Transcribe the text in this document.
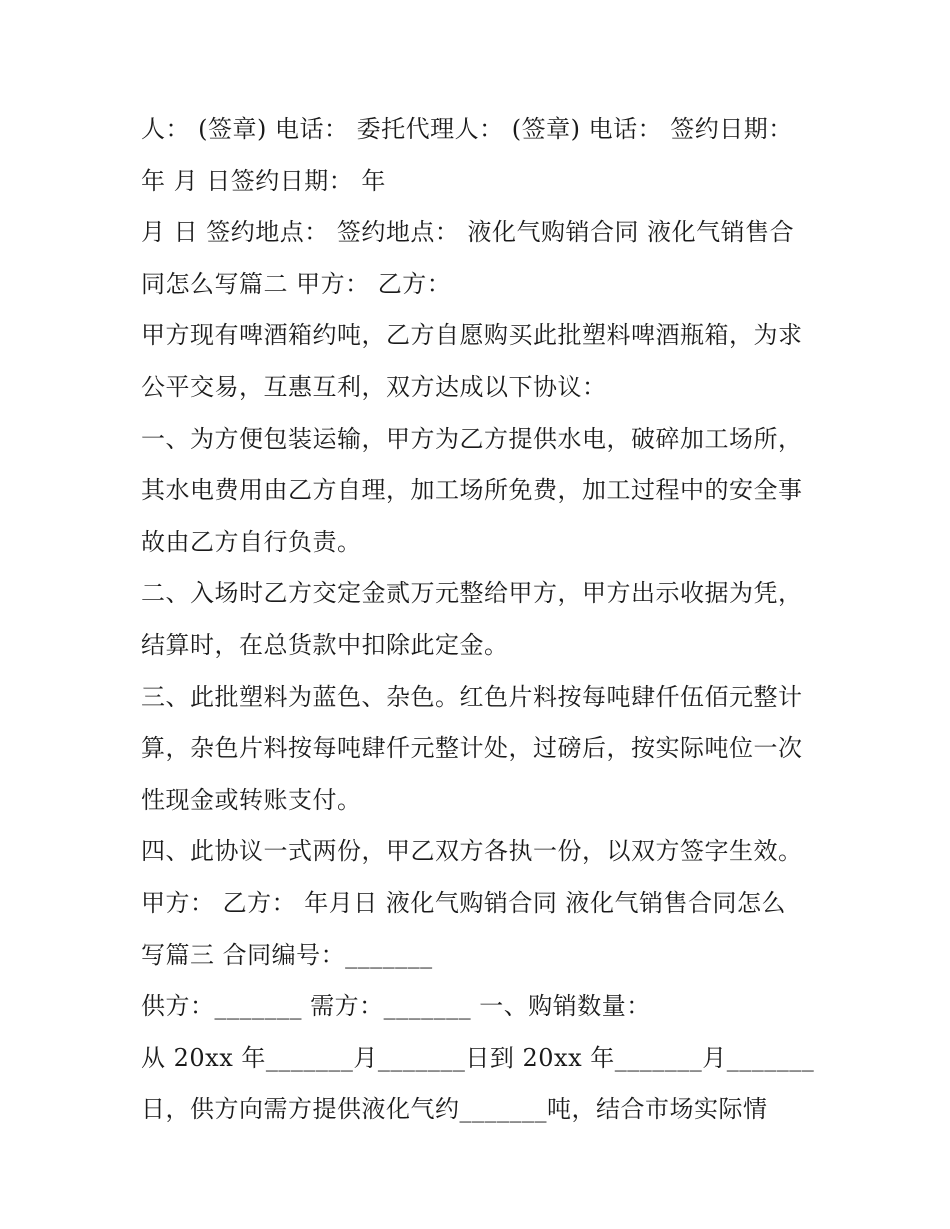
人： (签章) 电话： 委托代理人： (签章) 电话： 签约日期：
年 月 日签约日期： 年
月 日 签约地点： 签约地点： 液化气购销合同 液化气销售合
同怎么写篇二 甲方： 乙方：
甲方现有啤酒箱约吨，乙方自愿购买此批塑料啤酒瓶箱，为求
公平交易，互惠互利，双方达成以下协议：
一、为方便包装运输，甲方为乙方提供水电，破碎加工场所，
其水电费用由乙方自理，加工场所免费，加工过程中的安全事
故由乙方自行负责。
二、入场时乙方交定金贰万元整给甲方，甲方出示收据为凭，
结算时，在总货款中扣除此定金。
三、此批塑料为蓝色、杂色。红色片料按每吨肆仟伍佰元整计
算，杂色片料按每吨肆仟元整计处，过磅后，按实际吨位一次
性现金或转账支付。
四、此协议一式两份，甲乙双方各执一份，以双方签字生效。
甲方： 乙方： 年月日 液化气购销合同 液化气销售合同怎么
写篇三 合同编号：_______
供方：_______ 需方：_______ 一、购销数量：
从 20xx 年_______月_______日到 20xx 年_______月_______
日，供方向需方提供液化气约_______吨，结合市场实际情
